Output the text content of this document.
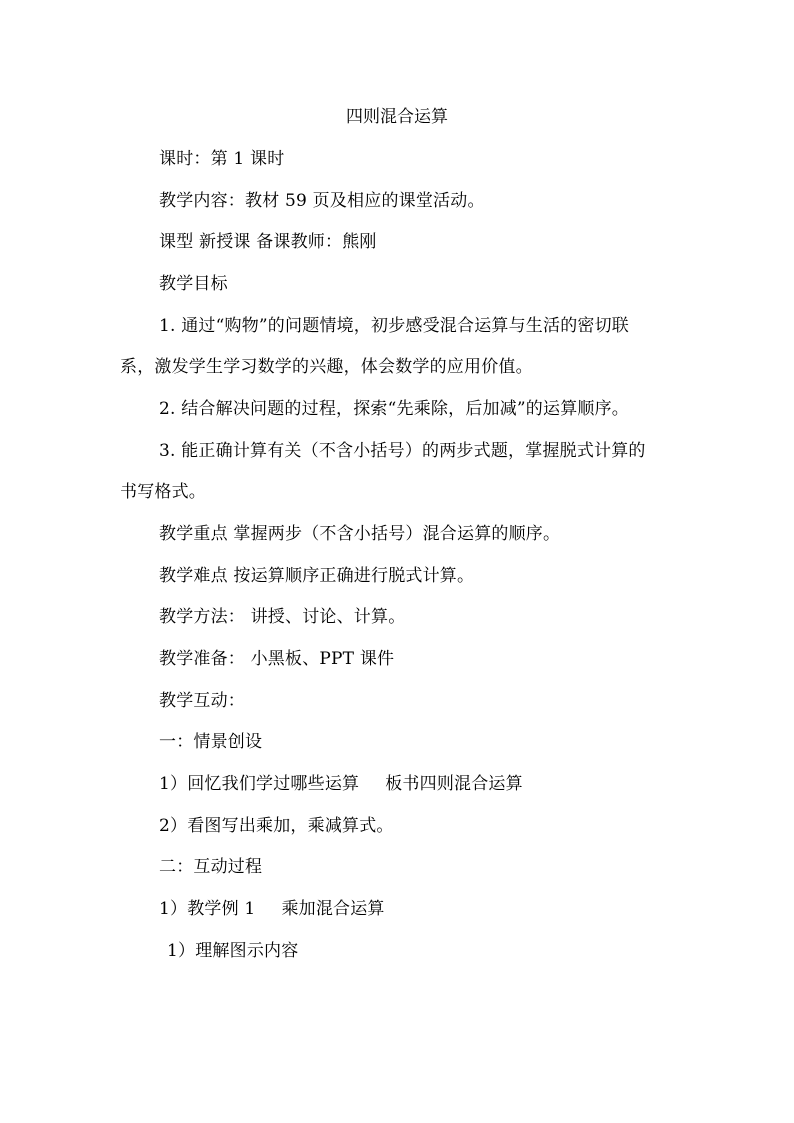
四则混合运算
课时：第 1 课时
教学内容：教材 59 页及相应的课堂活动。
课型 新授课 备课教师：熊刚
教学目标
1. 通过“购物”的问题情境，初步感受混合运算与生活的密切联
系，激发学生学习数学的兴趣，体会数学的应用价值。
2. 结合解决问题的过程，探索“先乘除，后加减”的运算顺序。
3. 能正确计算有关（不含小括号）的两步式题，掌握脱式计算的
书写格式。
教学重点 掌握两步（不含小括号）混合运算的顺序。
教学难点 按运算顺序正确进行脱式计算。
教学方法： 讲授、讨论、计算。
教学准备： 小黑板、PPT 课件
教学互动：
一：情景创设
1）回忆我们学过哪些运算 板书四则混合运算
2）看图写出乘加，乘减算式。
二：互动过程
1）教学例 1 乘加混合运算
1）理解图示内容
